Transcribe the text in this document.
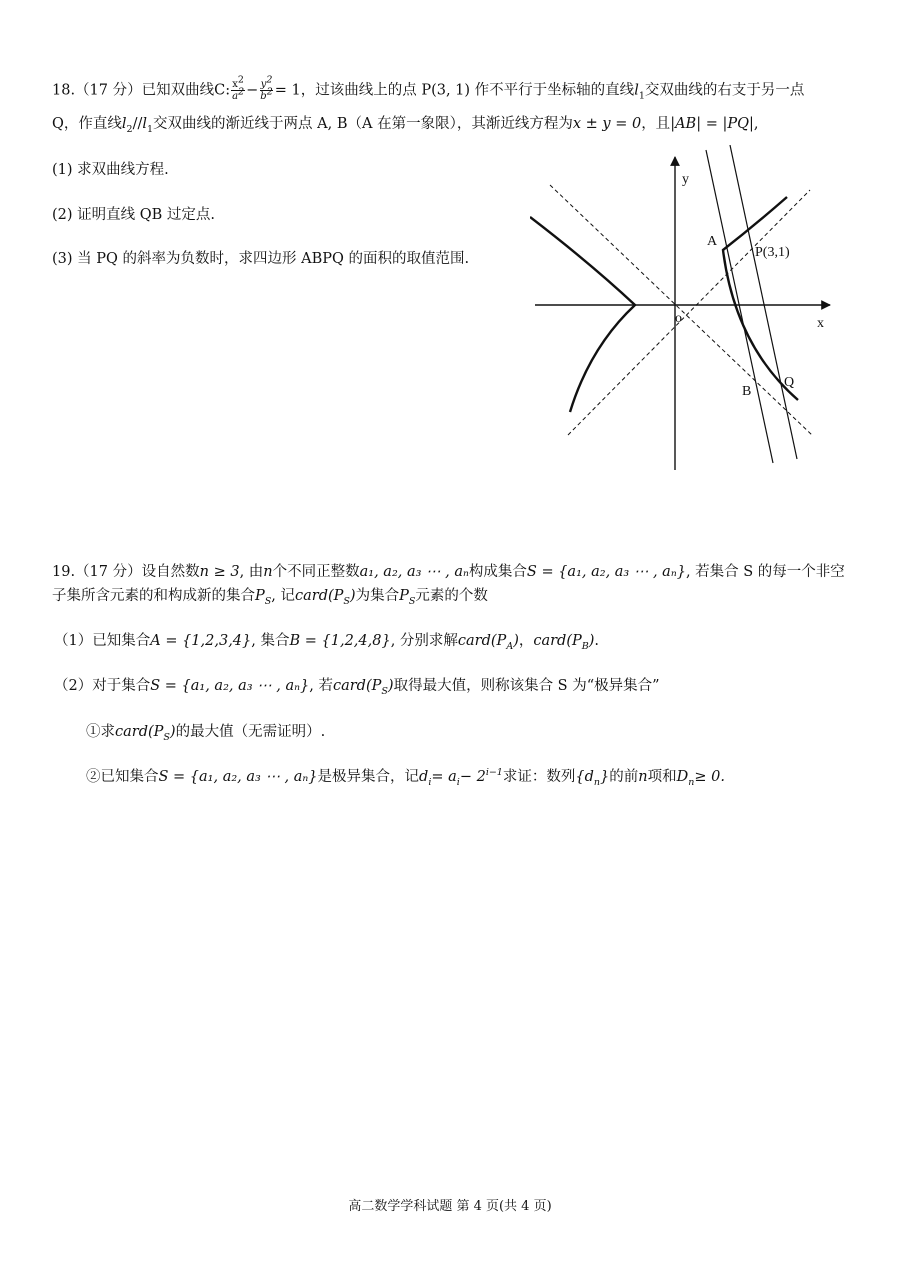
18.（17 分）已知双曲线C: $\frac{x^2}{a^2} - \frac{y^2}{b^2} = 1$，过该曲线上的点 P(3, 1) 作不平行于坐标轴的直线$l_1$交双曲线的右支于另一点
Q，作直线$l_2//l_1$交双曲线的渐近线于两点 A, B（A 在第一象限），其渐近线方程为x ± y = 0，且|AB| = |PQ|,
(1) 求双曲线方程.
(2) 证明直线 QB 过定点.
(3) 当 PQ 的斜率为负数时，求四边形 ABPQ 的面积的取值范围.
y
x
o
A
P(3,1)
B
Q
19.（17 分）设自然数n ≥ 3, 由n个不同正整数a₁, a₂, a₃ ⋯ , aₙ构成集合S = {a₁, a₂, a₃ ⋯ , aₙ}, 若集合 S 的每一个非空
子集所含元素的和构成新的集合$P_S$, 记$card(P_S)$为集合$P_S$元素的个数
（1）已知集合A = {1,2,3,4}, 集合B = {1,2,4,8}, 分别求解$card(P_A)$，$card(P_B)$.
（2）对于集合S = {a₁, a₂, a₃ ⋯ , aₙ}, 若$card(P_S)$取得最大值，则称该集合 S 为“极异集合”
①求$card(P_S)$的最大值（无需证明）.
②已知集合S = {a₁, a₂, a₃ ⋯ , aₙ}是极异集合，记$d_i= a_i- 2^{i-1}$求证：数列$\{d_n\}$的前n项和$D_n\ge 0$.
高二数学学科试题 第 4 页(共 4 页)
